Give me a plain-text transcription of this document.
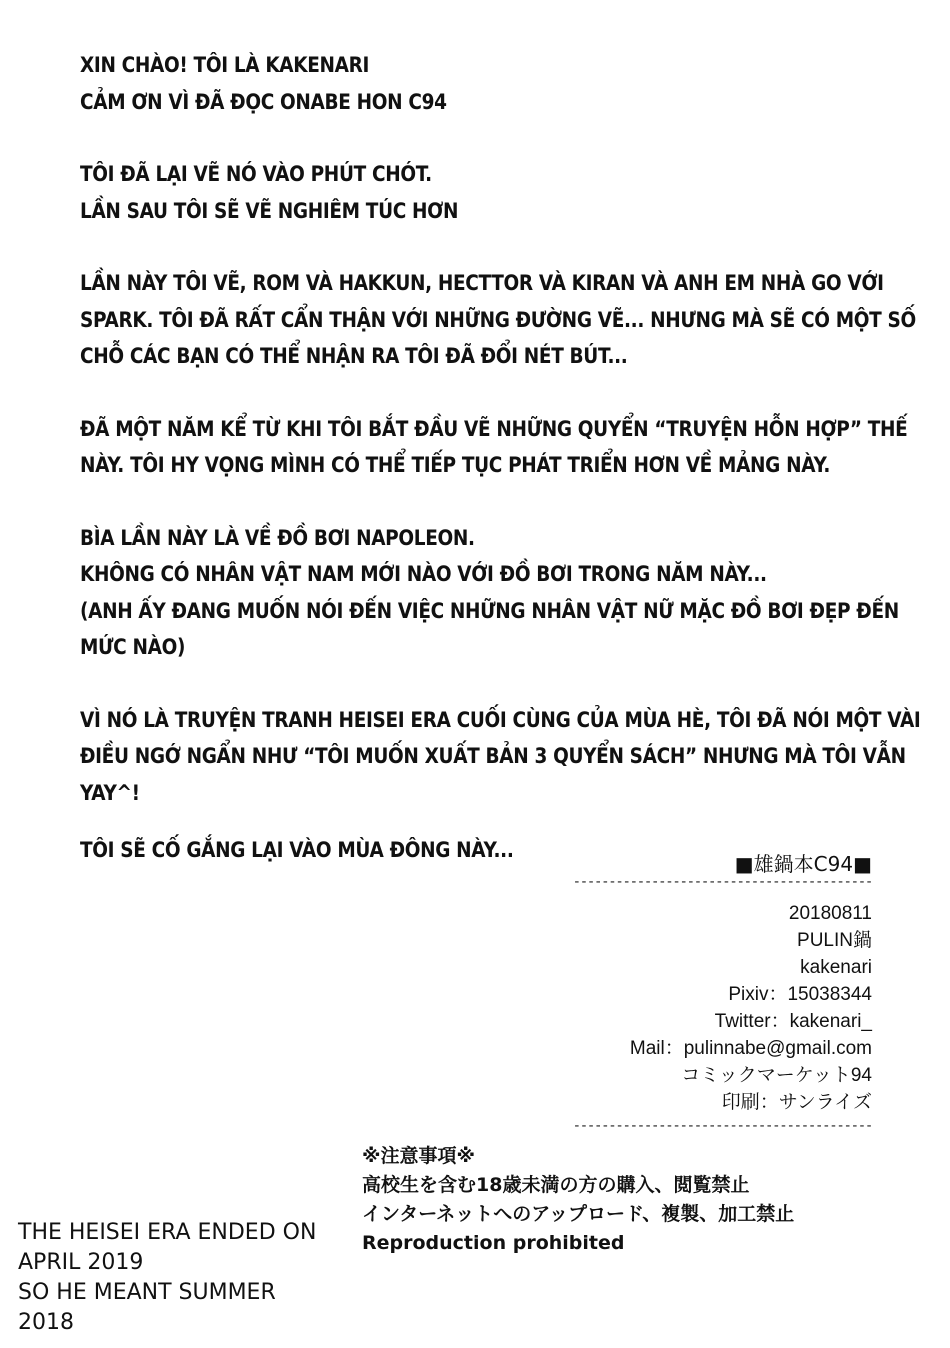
XIN CHÀO! TÔI LÀ KAKENARI
CẢM ƠN VÌ ĐÃ ĐỌC ONABE HON C94
TÔI ĐÃ LẠI VẼ NÓ VÀO PHÚT CHÓT.
LẦN SAU TÔI SẼ VẼ NGHIÊM TÚC HƠN
LẦN NÀY TÔI VẼ, ROM VÀ HAKKUN, HECTTOR VÀ KIRAN VÀ ANH EM NHÀ GO VỚI
SPARK. TÔI ĐÃ RẤT CẨN THẬN VỚI NHỮNG ĐƯỜNG VẼ... NHƯNG MÀ SẼ CÓ MỘT SỐ
CHỖ CÁC BẠN CÓ THỂ NHẬN RA TÔI ĐÃ ĐỔI NÉT BÚT...
ĐÃ MỘT NĂM KỂ TỪ KHI TÔI BẮT ĐẦU VẼ NHỮNG QUYỂN “TRUYỆN HỖN HỢP” THẾ
NÀY. TÔI HY VỌNG MÌNH CÓ THỂ TIẾP TỤC PHÁT TRIỂN HƠN VỀ MẢNG NÀY.
BÌA LẦN NÀY LÀ VỀ ĐỒ BƠI NAPOLEON.
KHÔNG CÓ NHÂN VẬT NAM MỚI NÀO VỚI ĐỒ BƠI TRONG NĂM NÀY...
(ANH ẤY ĐANG MUỐN NÓI ĐẾN VIỆC NHỮNG NHÂN VẬT NỮ MẶC ĐỒ BƠI ĐẸP ĐẾN
MỨC NÀO)
VÌ NÓ LÀ TRUYỆN TRANH HEISEI ERA CUỐI CÙNG CỦA MÙA HÈ, TÔI ĐÃ NÓI MỘT VÀI
ĐIỀU NGỚ NGẨN NHƯ “TÔI MUỐN XUẤT BẢN 3 QUYỂN SÁCH” NHƯNG MÀ TÔI VẪN
YAY^!
TÔI SẼ CỐ GẮNG LẠI VÀO MÙA ĐÔNG NÀY...
■雄鍋本C94■
------------------------------------------
20180811
PULIN鍋
kakenari
Pixiv：15038344
Twitter：kakenari_
Mail：pulinnabe@gmail.com
コミックマーケット94
印刷：サンライズ
------------------------------------------
※注意事項※
高校生を含む18歳未満の方の購入、閲覧禁止
インターネットへのアップロード、複製、加工禁止
Reproduction prohibited
THE HEISEI ERA ENDED ON
APRIL 2019
SO HE MEANT SUMMER
2018
